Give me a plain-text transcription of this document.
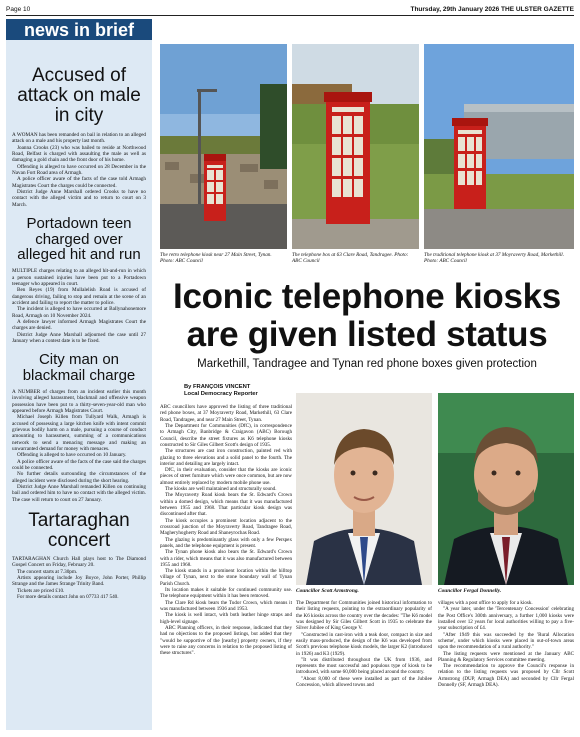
Page 10	Thursday, 29th January 2026 THE ULSTER GAZETTE
news in brief
Accused of attack on male in city

A WOMAN has been remanded on bail in relation to an alleged attack on a male and his property last month.

Joanna Crooks (23) who was bailed to reside at Northwood Road, Belfast is charged with assaulting the male as well as damaging a gold chain and the front door of his home.

Offending is alleged to have occurred on 28 December in the Navan Fort Road area of Armagh.

A police officer aware of the facts of the case told Armagh Magistrates Court the charges could be connected.

District Judge Anne Marshall ordered Crooks to have no contact with the alleged victim and to return to court on 3 March.

Portadown teen charged over alleged hit and run

MULTIPLE charges relating to an alleged hit-and-run in which a person sustained injuries have been put to a Portadown teenager who appeared in court.

Ben Reyes (19) from Mullalelish Road is accused of dangerous driving, failing to stop and remain at the scene of an accident and failing to report the matter to police.

The incident is alleged to have occurred at Ballynahonemore Road, Armagh on 10 November 2024.

A defence lawyer informed Armagh Magistrates Court the charges are denied.

District Judge Anne Marshall adjourned the case until 27 January when a contest date is to be fixed.

City man on blackmail charge

A NUMBER of charges from an incident earlier this month involving alleged harassment, blackmail and offensive weapon possession have been put to a thirty-seven-year-old man who appeared before Armagh Magistrates Court.

Michael Joseph Killen from Tullyard Walk, Armagh is accused of possessing a large kitchen knife with intent commit grievous bodily harm on a male, pursuing a course of conduct amounting to harassment, summing of a communications network to send a menacing message and making an unwarranted demand for money with menaces.

Offending is alleged to have occurred on 10 January.

A police officer aware of the facts of the case said the charges could be connected.

No further details surrounding the circumstances of the alleged incident were disclosed during the short hearing.

District Judge Anne Marshall remanded Killen on continuing bail and ordered him to have no contact with the alleged victim. The case will return to court on 27 January.

Tartaraghan concert

TARTARAGHAN Church Hall plays host to The Diamond Gospel Concert on Friday, February 20.

The concert starts at 7.30pm.

Artists appearing include Joy Boyce, John Porter, Phillip Strange and the James Strange Trinity Band.

Tickets are priced £10.

For more details contact John on 07733 417 540.

The retro telephone kiosk near 27 Main Street, Tynan. Photo: ABC Council
The telephone box at 63 Clare Road, Tandragee. Photo: ABC Council
The traditional telephone kiosk at 37 Moyraverty Road, Markethill. Photo: ABC Council
Iconic telephone kiosks are given listed status
Markethill, Tandragee and Tynan red phone boxes given protection
By FRANÇOIS VINCENT
Local Democracy Reporter

ABC councillors have approved the listing of three traditional red phone boxes, at 37 Moyraverty Road, Markethill, 63 Clare Road, Tandragee, and near 27 Main Street, Tynan.

The Department for Communities (DfC), in correspondence to Armagh City, Banbridge & Craigavon (ABC) Borough Council, describe the street fixtures as K6 telephone kiosks constructed to Sir Giles Gilbert Scott's design of 1935.

The structures are cast iron construction, painted red with glazing to three elevations and a solid panel to the fourth. The interior and detailing are largely intact.

DfC, in their evaluation, consider that the kiosks are iconic pieces of street furniture which were once common, but are now almost entirely replaced by modern mobile phone use.

The kiosks are well maintained and structurally sound.

The Moyraverty Road kiosk bears the St. Edward's Crown within a domed design, which means that it was manufactured between 1955 and 1968. That particular kiosk design was discontinued after that.

The kiosk occupies a prominent location adjacent to the crossroad junction of the Moyraverty Road, Tandragee Road, Magheryhogherty Road and Shaneyrochas Road.

The glazing is predominantly glass with only a few Perspex panels, and the telephone equipment is present.

The Tynan phone kiosk also bears the St. Edward's Crown with a rider, which means that it was also manufactured between 1955 and 1968.

The kiosk stands in a prominent location within the hilltop village of Tynan, next to the stone boundary wall of Tynan Parish Church.

Its location makes it suitable for continued community use. The telephone equipment within it has been removed.

The Clare Rd kiosk bears the Tudor Crown, which means it was manufactured between 1936 and 1953.

The kiosk is well intact, with both leather hinge straps and high-level signage.

ABC Planning officers, in their response, indicated that they had no objections to the proposed listings, but added that they "would be supportive of the [nearby] property owners, if they were to raise any concerns in relation to the proposed listing of these structures".

Councillor Scott Armstrong.	Councillor Fergal Donnelly.

The Department for Communities joined historical information to their listing requests, pointing to the extraordinary popularity of the K6 kiosks across the country over the decades: "The K6 model was designed by Sir Giles Gilbert Scott in 1935 to celebrate the Silver Jubilee of King George V.

"Constructed in cast-iron with a teak door, compact in size and easily mass-produced, the design of the K6 was developed from Scott's previous telephone kiosk models, the larger K2 (introduced in 1926) and K3 (1929).

"It was distributed throughout the UK from 1936, and represents the most successful and populous type of kiosk to be introduced, with some 60,000 being placed around the country.

"About 8,000 of these were installed as part of the Jubilee Concession, which allowed towns and

villages with a post office to apply for a kiosk.

"A year later, under the 'Tercentenary Concession' celebrating the Post Office's 300th anniversary, a further 1,000 kiosks were installed over 12 years for local authorities willing to pay a five-year subscription of £4.

"After 1949 this was succeeded by the 'Rural Allocation scheme', under which kiosks were placed in out-of-town areas upon the recommendation of a rural authority."

The listing requests were mentioned at the January ABC Planning & Regulatory Services committee meeting.

The recommendation to approve the Council's response in relation to the listing requests was proposed by Cllr Scott Armstrong (DUP, Armagh DEA) and seconded by Cllr Fergal Donnelly (SF, Armagh DEA).
